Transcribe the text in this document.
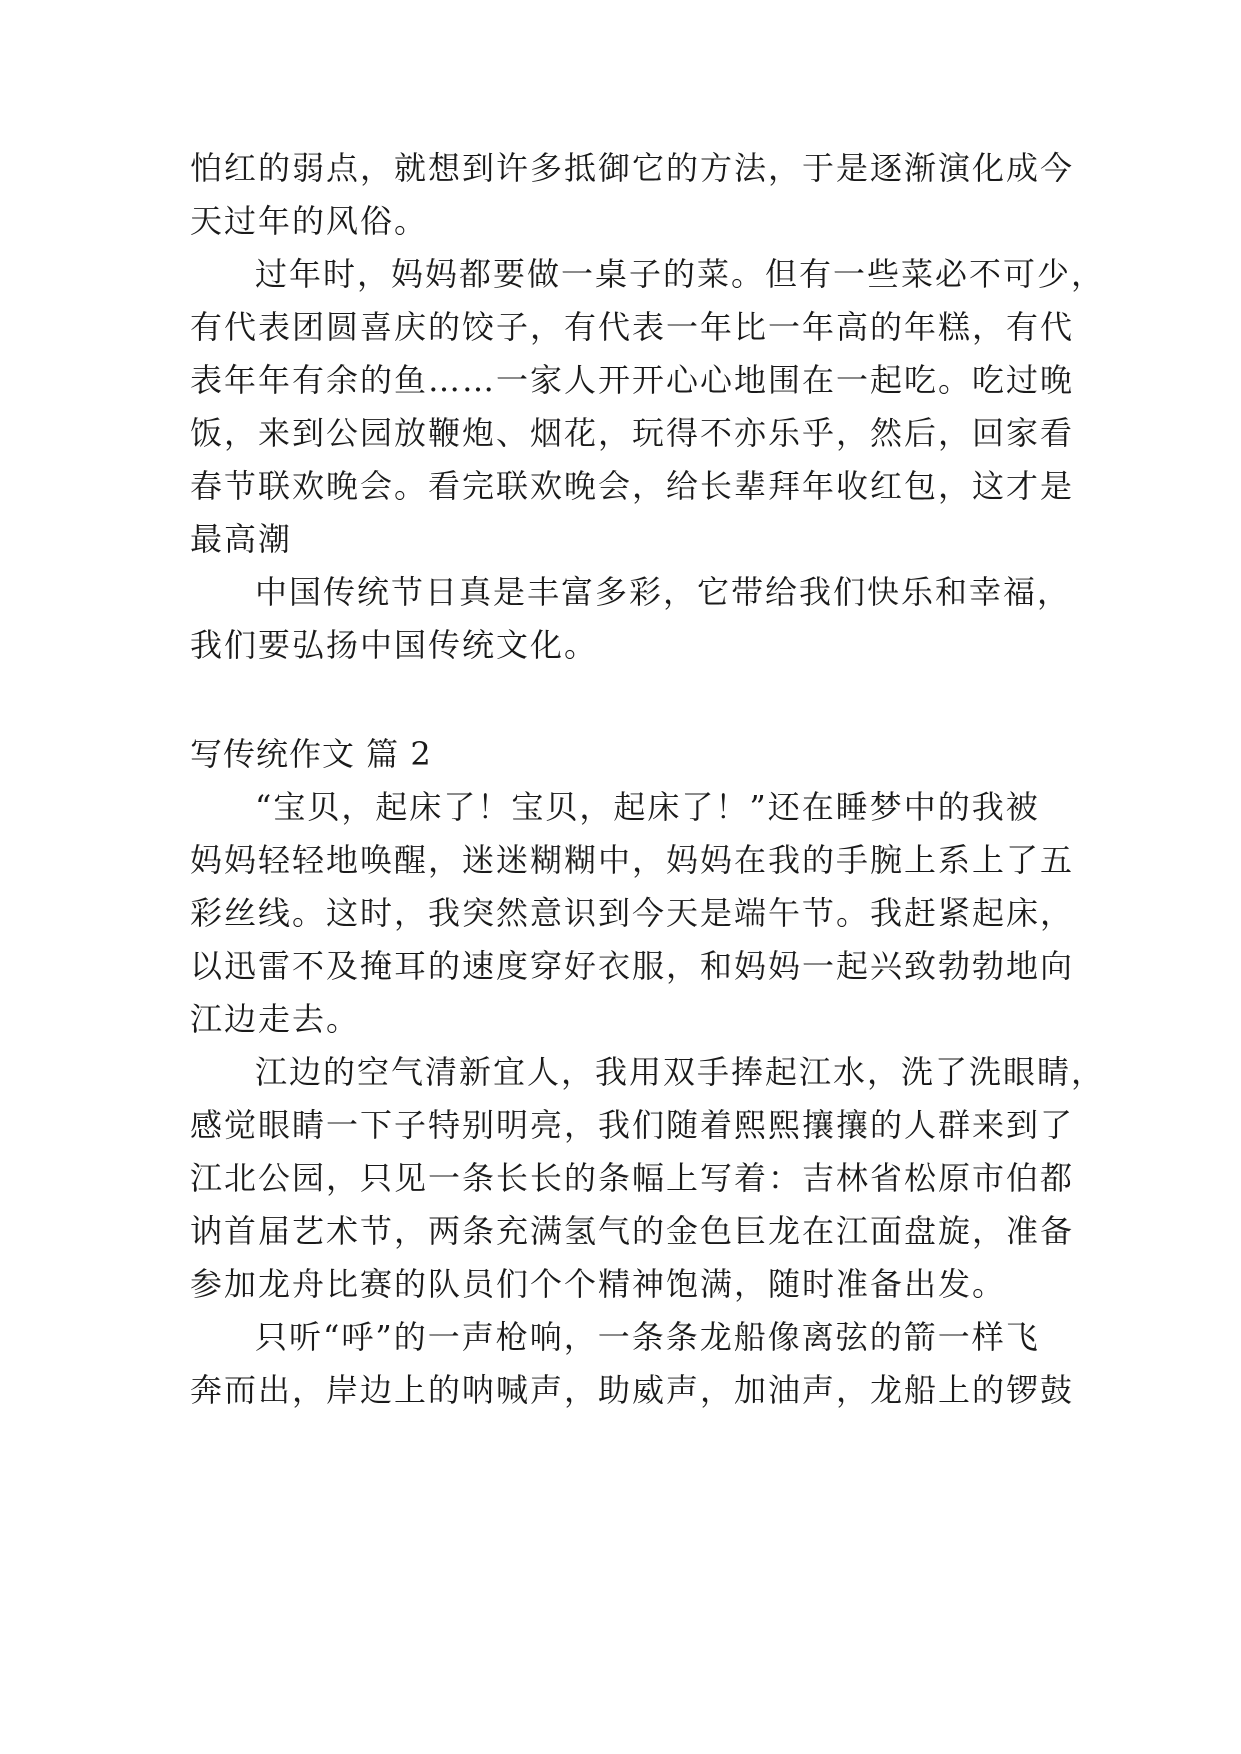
怕红的弱点，就想到许多抵御它的方法，于是逐渐演化成今
天过年的风俗。
过年时，妈妈都要做一桌子的菜。但有一些菜必不可少，
有代表团圆喜庆的饺子，有代表一年比一年高的年糕，有代
表年年有余的鱼……一家人开开心心地围在一起吃。吃过晚
饭，来到公园放鞭炮、烟花，玩得不亦乐乎，然后，回家看
春节联欢晚会。看完联欢晚会，给长辈拜年收红包，这才是
最高潮
中国传统节日真是丰富多彩，它带给我们快乐和幸福，
我们要弘扬中国传统文化。
写传统作文 篇 2
“宝贝，起床了！宝贝，起床了！”还在睡梦中的我被
妈妈轻轻地唤醒，迷迷糊糊中，妈妈在我的手腕上系上了五
彩丝线。这时，我突然意识到今天是端午节。我赶紧起床，
以迅雷不及掩耳的速度穿好衣服，和妈妈一起兴致勃勃地向
江边走去。
江边的空气清新宜人，我用双手捧起江水，洗了洗眼睛，
感觉眼睛一下子特别明亮，我们随着熙熙攘攘的人群来到了
江北公园，只见一条长长的条幅上写着：吉林省松原市伯都
讷首届艺术节，两条充满氢气的金色巨龙在江面盘旋，准备
参加龙舟比赛的队员们个个精神饱满，随时准备出发。
只听“呼”的一声枪响，一条条龙船像离弦的箭一样飞
奔而出，岸边上的呐喊声，助威声，加油声，龙船上的锣鼓
